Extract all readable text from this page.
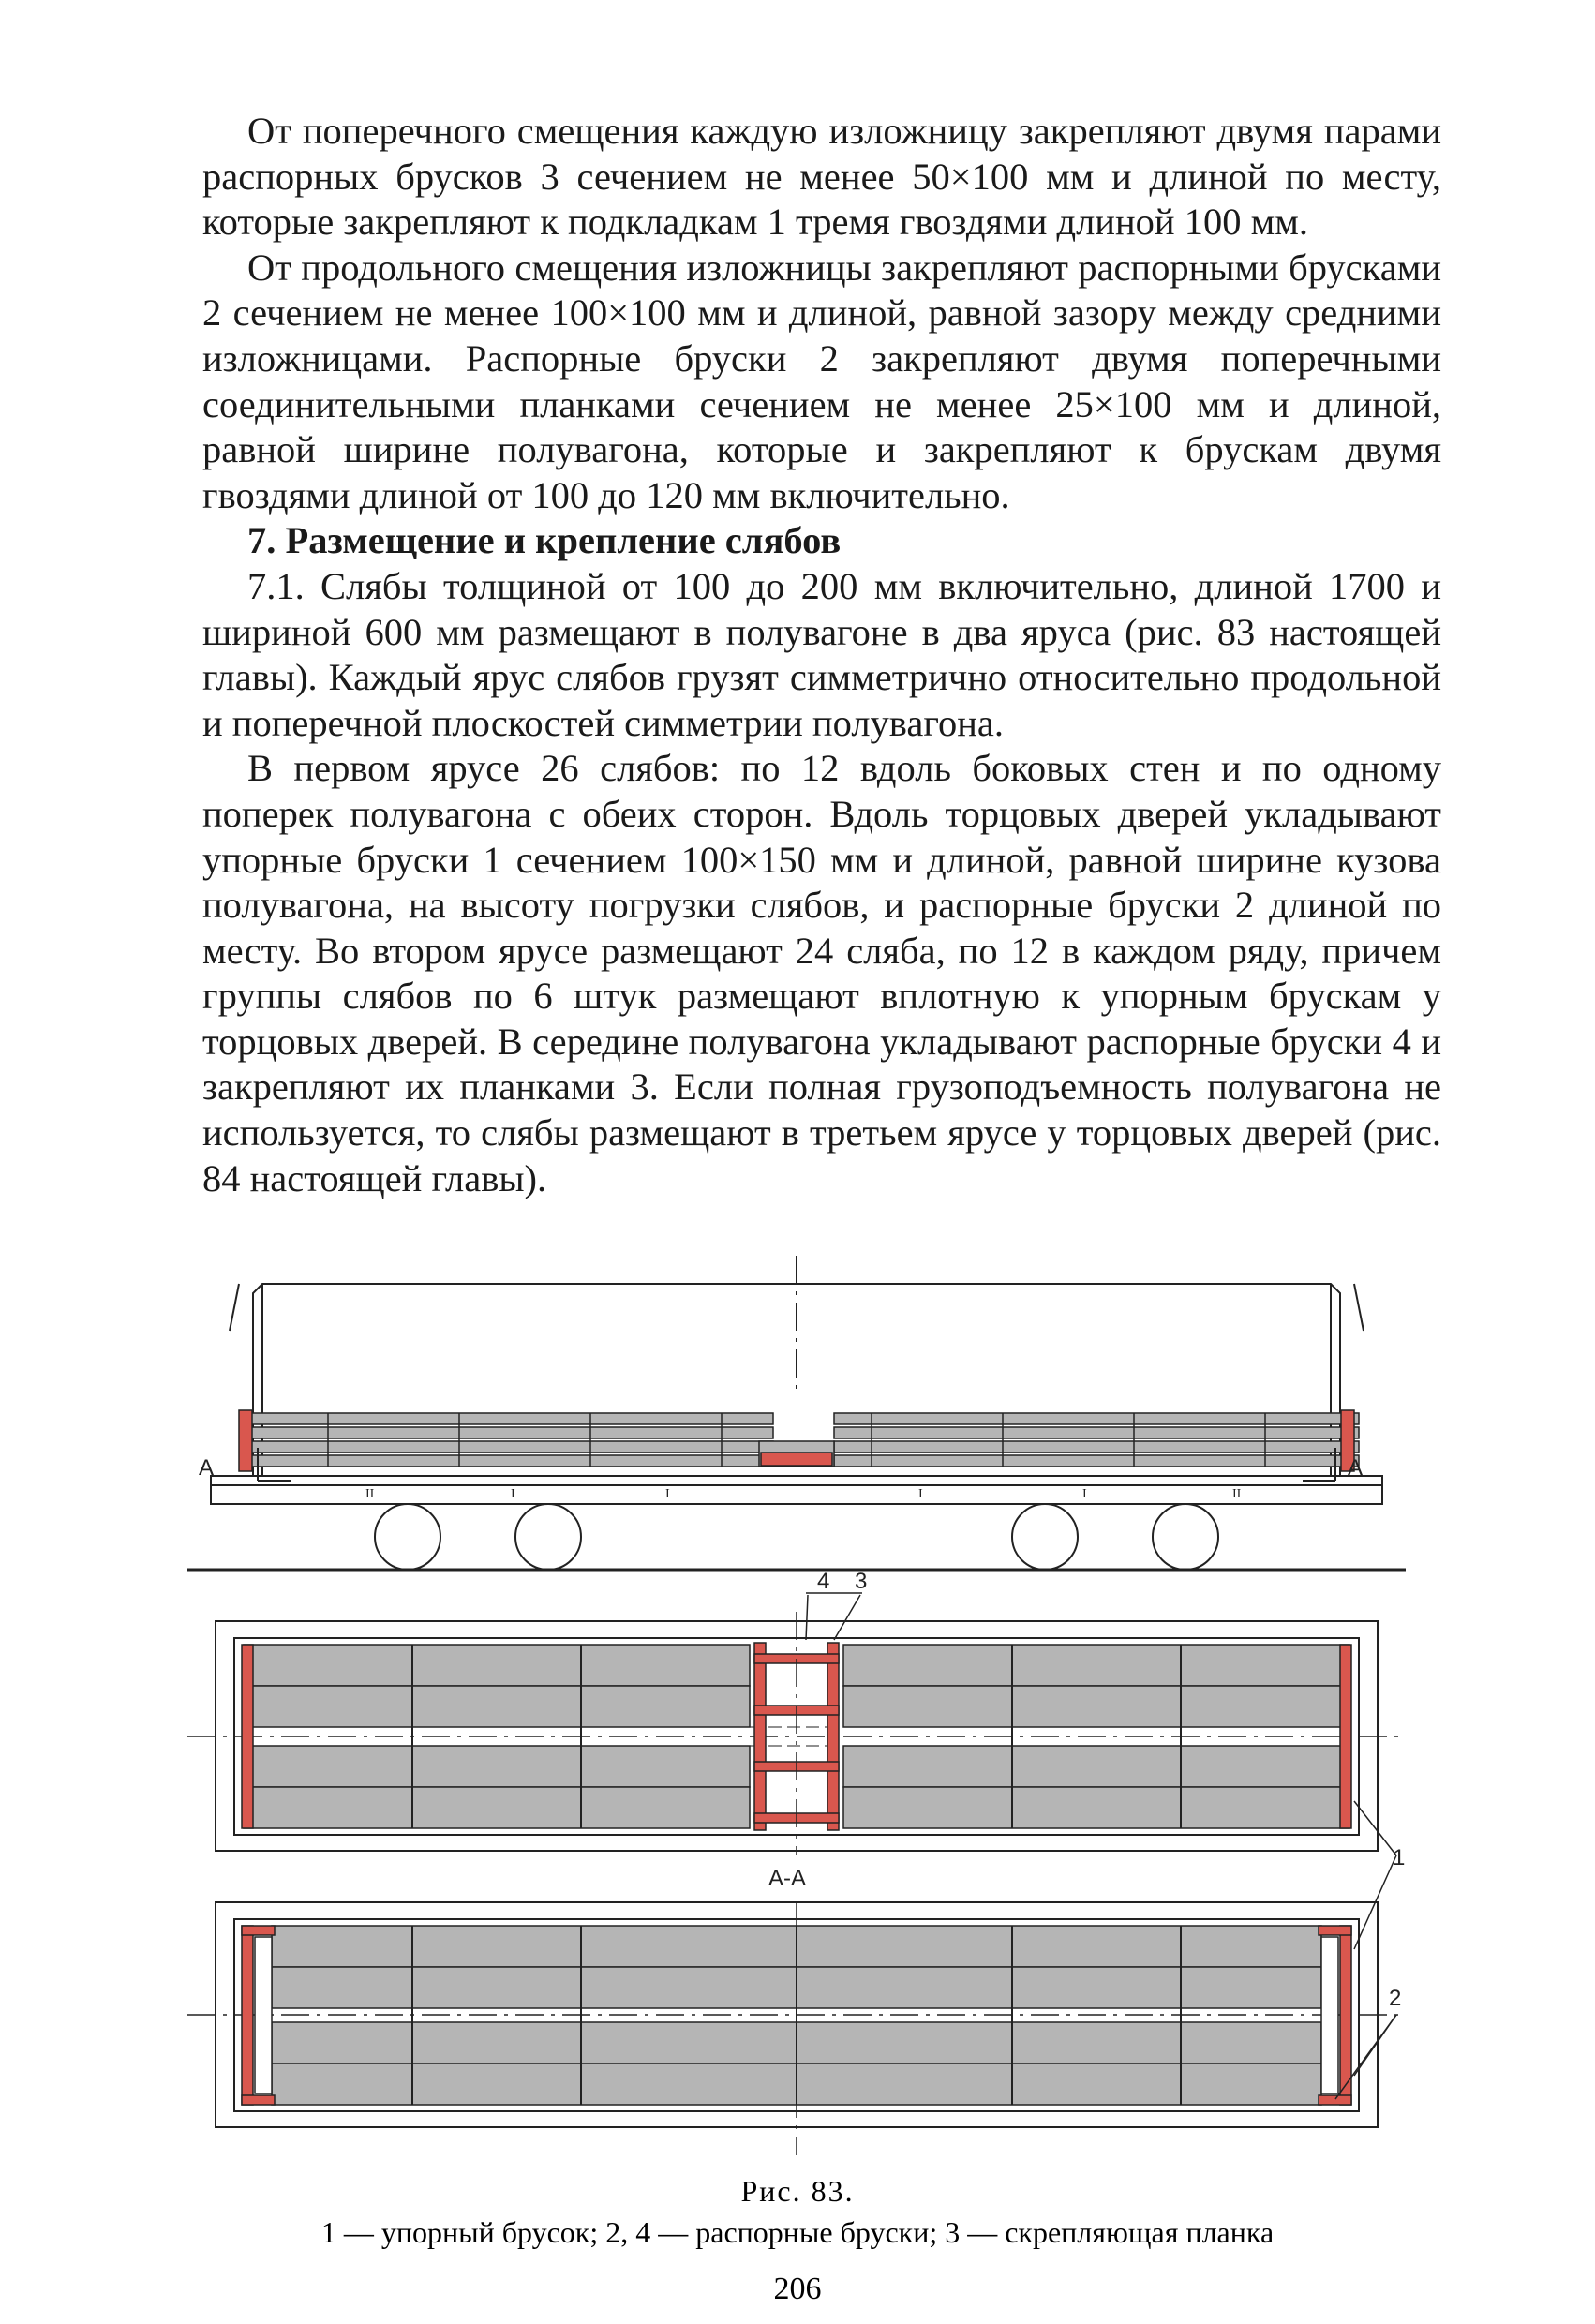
От поперечного смещения каждую изложницу закрепляют двумя парами распорных брусков 3 сечением не менее 50×100 мм и длиной по месту, которые закрепляют к подкладкам 1 тремя гвоздями длиной 100 мм.

От продольного смещения изложницы закрепляют распорными брусками 2 сечением не менее 100×100 мм и длиной, равной зазору между средними изложницами. Распорные бруски 2 закрепляют двумя поперечными соединительными планками сечением не менее 25×100 мм и длиной, равной ширине полувагона, которые и закрепляют к брускам двумя гвоздями длиной от 100 до 120 мм включительно.

7. Размещение и крепление слябов

7.1. Слябы толщиной от 100 до 200 мм включительно, длиной 1700 и шириной 600 мм размещают в полувагоне в два яруса (рис. 83 настоящей главы). Каждый ярус слябов грузят симметрично относительно продольной и поперечной плоскостей симметрии полувагона.

В первом ярусе 26 слябов: по 12 вдоль боковых стен и по одному поперек полувагона с обеих сторон. Вдоль торцовых дверей укладывают упорные бруски 1 сечением 100×150 мм и длиной, равной ширине кузова полувагона, на высоту погрузки слябов, и распорные бруски 2 длиной по месту. Во втором ярусе размещают 24 сляба, по 12 в каждом ряду, причем группы слябов по 6 штук размещают вплотную к упорным брускам у торцовых дверей. В середине полувагона укладывают распорные бруски 4 и закрепляют их планками 3. Если полная грузоподъемность полувагона не используется, то слябы размещают в третьем ярусе у торцовых дверей (рис. 84 настоящей главы).

II	I	I	I	I	II
А	А
4 3
А-А
1
2
Рис. 83.
1 — упорный брусок; 2, 4 — распорные бруски; 3 — скрепляющая планка
206
